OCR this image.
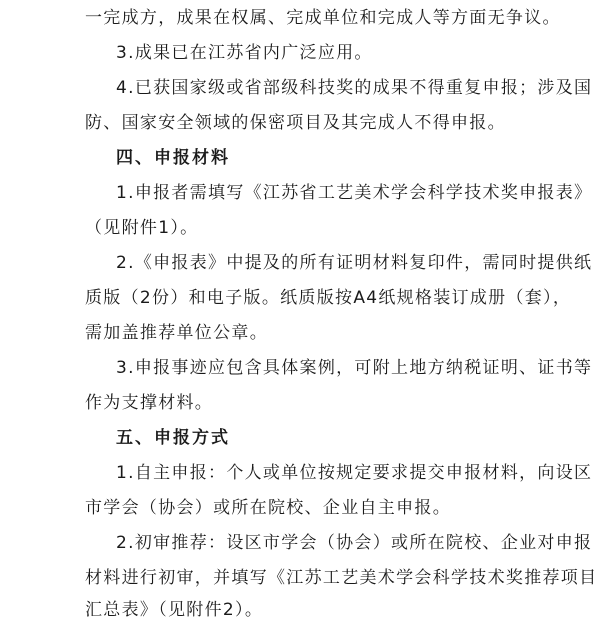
一完成方，成果在权属、完成单位和完成人等方面无争议。
3.成果已在江苏省内广泛应用。
4.已获国家级或省部级科技奖的成果不得重复申报；涉及国
防、国家安全领域的保密项目及其完成人不得申报。
四、申报材料
1.申报者需填写《江苏省工艺美术学会科学技术奖申报表》
（见附件1）。
2.《申报表》中提及的所有证明材料复印件，需同时提供纸
质版（2份）和电子版。纸质版按A4纸规格装订成册（套），
需加盖推荐单位公章。
3.申报事迹应包含具体案例，可附上地方纳税证明、证书等
作为支撑材料。
五、申报方式
1.自主申报：个人或单位按规定要求提交申报材料，向设区
市学会（协会）或所在院校、企业自主申报。
2.初审推荐：设区市学会（协会）或所在院校、企业对申报
材料进行初审，并填写《江苏工艺美术学会科学技术奖推荐项目
汇总表》（见附件2）。
